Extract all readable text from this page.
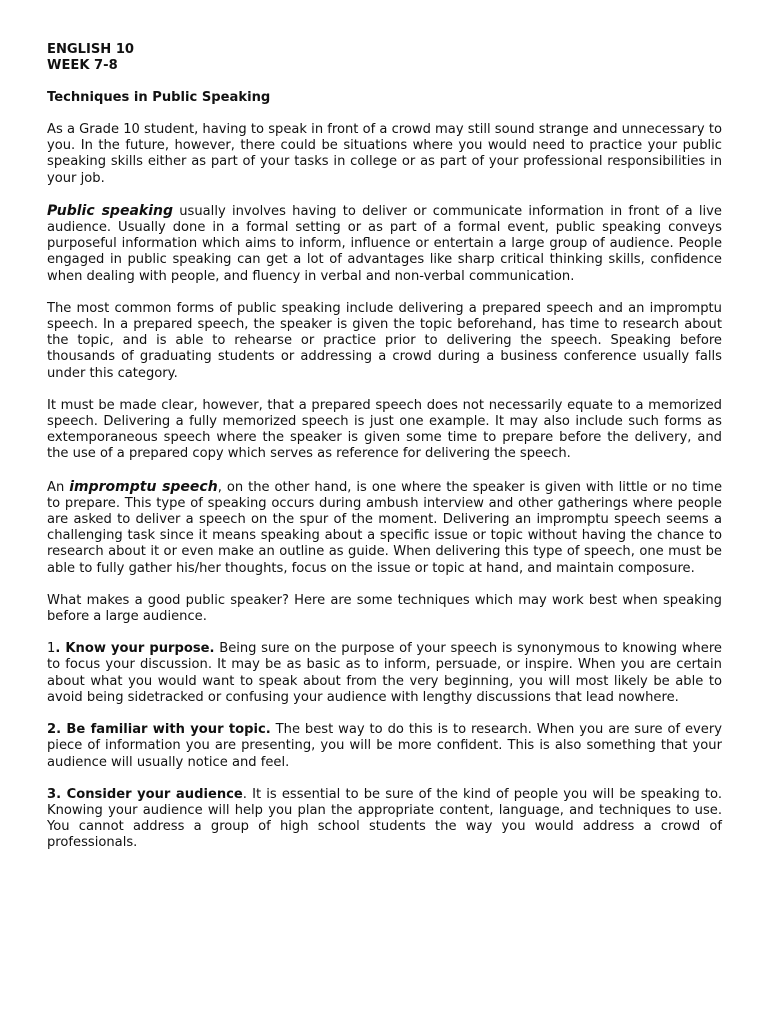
ENGLISH 10
WEEK 7-8
Techniques in Public Speaking

As a Grade 10 student, having to speak in front of a crowd may still sound strange and unnecessary to you. In the future, however, there could be situations where you would need to practice your public speaking skills either as part of your tasks in college or as part of your professional responsibilities in your job.

Public speaking usually involves having to deliver or communicate information in front of a live audience. Usually done in a formal setting or as part of a formal event, public speaking conveys purposeful information which aims to inform, influence or entertain a large group of audience. People engaged in public speaking can get a lot of advantages like sharp critical thinking skills, confidence when dealing with people, and fluency in verbal and non-verbal communication.

The most common forms of public speaking include delivering a prepared speech and an impromptu speech. In a prepared speech, the speaker is given the topic beforehand, has time to research about the topic, and is able to rehearse or practice prior to delivering the speech. Speaking before thousands of graduating students or addressing a crowd during a business conference usually falls under this category.

It must be made clear, however, that a prepared speech does not necessarily equate to a memorized speech. Delivering a fully memorized speech is just one example. It may also include such forms as extemporaneous speech where the speaker is given some time to prepare before the delivery, and the use of a prepared copy which serves as reference for delivering the speech.

An impromptu speech, on the other hand, is one where the speaker is given with little or no time to prepare. This type of speaking occurs during ambush interview and other gatherings where people are asked to deliver a speech on the spur of the moment. Delivering an impromptu speech seems a challenging task since it means speaking about a specific issue or topic without having the chance to research about it or even make an outline as guide. When delivering this type of speech, one must be able to fully gather his/her thoughts, focus on the issue or topic at hand, and maintain composure.

What makes a good public speaker? Here are some techniques which may work best when speaking before a large audience.

1. Know your purpose. Being sure on the purpose of your speech is synonymous to knowing where to focus your discussion. It may be as basic as to inform, persuade, or inspire. When you are certain about what you would want to speak about from the very beginning, you will most likely be able to avoid being sidetracked or confusing your audience with lengthy discussions that lead nowhere.

2. Be familiar with your topic. The best way to do this is to research. When you are sure of every piece of information you are presenting, you will be more confident. This is also something that your audience will usually notice and feel.

3. Consider your audience. It is essential to be sure of the kind of people you will be speaking to. Knowing your audience will help you plan the appropriate content, language, and techniques to use. You cannot address a group of high school students the way you would address a crowd of professionals.
